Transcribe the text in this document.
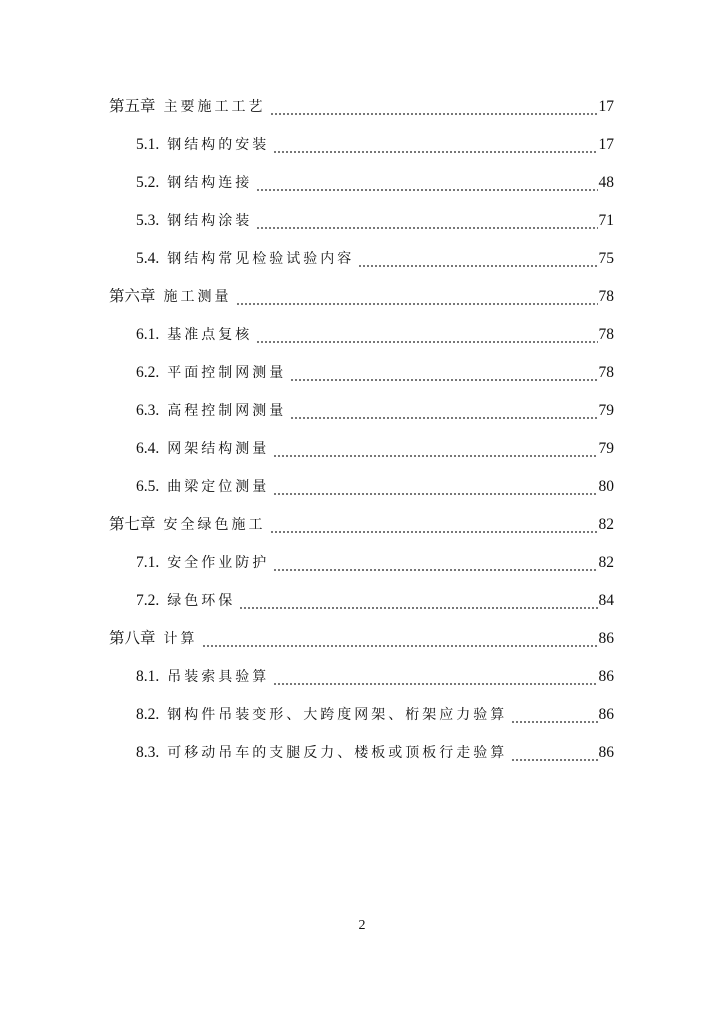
第五章 主要施工工艺	17
5.1. 钢结构的安装	17
5.2. 钢结构连接	48
5.3. 钢结构涂装	71
5.4. 钢结构常见检验试验内容	75
第六章 施工测量	78
6.1. 基准点复核	78
6.2. 平面控制网测量	78
6.3. 高程控制网测量	79
6.4. 网架结构测量	79
6.5. 曲梁定位测量	80
第七章 安全绿色施工	82
7.1. 安全作业防护	82
7.2. 绿色环保	84
第八章 计算	86
8.1. 吊装索具验算	86
8.2. 钢构件吊装变形、大跨度网架、桁架应力验算	86
8.3. 可移动吊车的支腿反力、楼板或顶板行走验算	86
2
